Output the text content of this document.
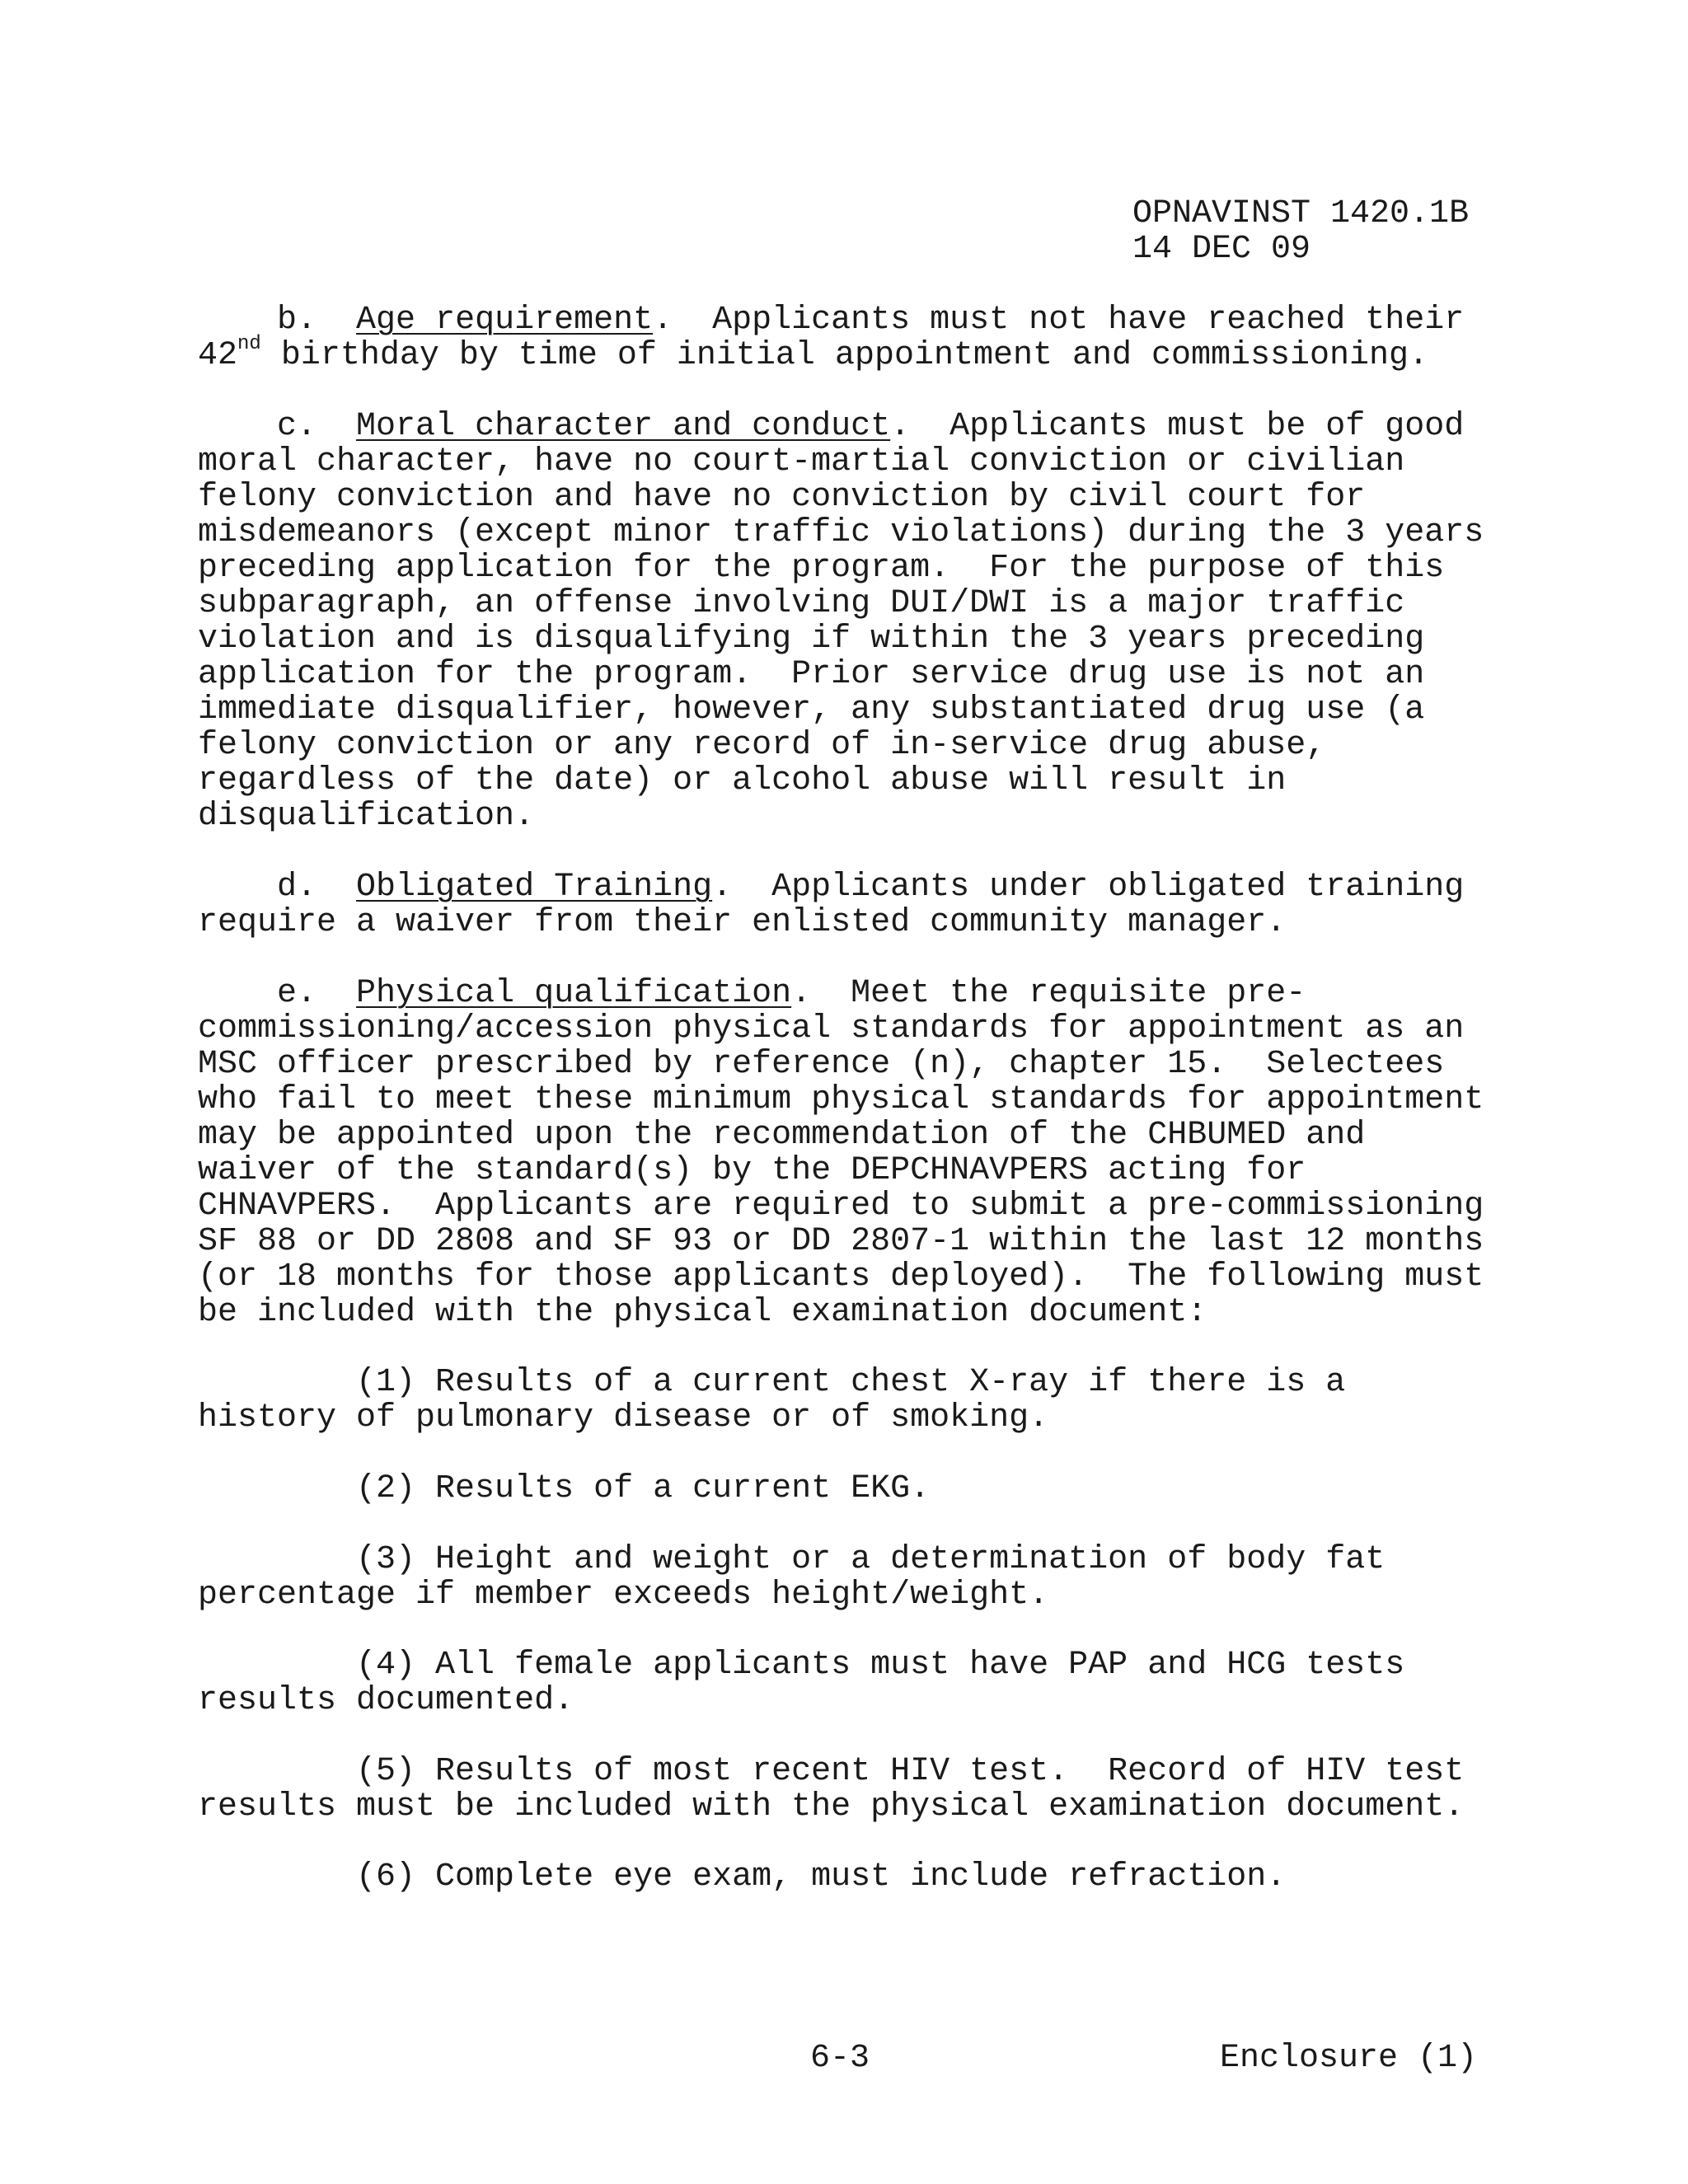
OPNAVINST 1420.1B
14 DEC 09
b. Age requirement.  Applicants must not have reached their
42nd birthday by time of initial appointment and commissioning.
c. Moral character and conduct.  Applicants must be of good
moral character, have no court-martial conviction or civilian
felony conviction and have no conviction by civil court for
misdemeanors (except minor traffic violations) during the 3 years
preceding application for the program.  For the purpose of this
subparagraph, an offense involving DUI/DWI is a major traffic
violation and is disqualifying if within the 3 years preceding
application for the program.  Prior service drug use is not an
immediate disqualifier, however, any substantiated drug use (a
felony conviction or any record of in-service drug abuse,
regardless of the date) or alcohol abuse will result in
disqualification.
d. Obligated Training.  Applicants under obligated training
require a waiver from their enlisted community manager.
e. Physical qualification.  Meet the requisite pre-
commissioning/accession physical standards for appointment as an
MSC officer prescribed by reference (n), chapter 15.  Selectees
who fail to meet these minimum physical standards for appointment
may be appointed upon the recommendation of the CHBUMED and
waiver of the standard(s) by the DEPCHNAVPERS acting for
CHNAVPERS.  Applicants are required to submit a pre-commissioning
SF 88 or DD 2808 and SF 93 or DD 2807-1 within the last 12 months
(or 18 months for those applicants deployed).  The following must
be included with the physical examination document:
(1) Results of a current chest X-ray if there is a
history of pulmonary disease or of smoking.
(2) Results of a current EKG.
(3) Height and weight or a determination of body fat
percentage if member exceeds height/weight.
(4) All female applicants must have PAP and HCG tests
results documented.
(5) Results of most recent HIV test.  Record of HIV test
results must be included with the physical examination document.
(6) Complete eye exam, must include refraction.
6-3	Enclosure (1)
